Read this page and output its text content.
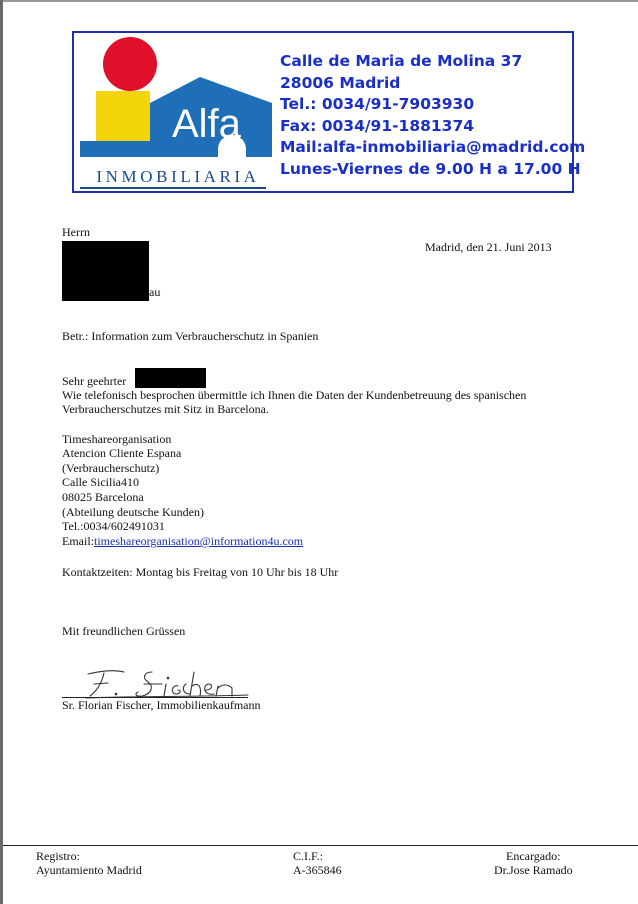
Alfa
INMOBILIARIA
Calle de Maria de Molina 37
28006 Madrid
Tel.: 0034/91-7903930
Fax: 0034/91-1881374
Mail:alfa-inmobiliaria@madrid.com
Lunes-Viernes de 9.00 H a 17.00 H
Herrn
Madrid, den 21. Juni 2013
au
Betr.: Information zum Verbraucherschutz in Spanien
Sehr geehrter
Wie telefonisch besprochen übermittle ich Ihnen die Daten der Kundenbetreuung des spanischen
Verbraucherschutzes mit Sitz in Barcelona.
Timeshareorganisation
Atencion Cliente Espana
(Verbraucherschutz)
Calle Sicilia410
08025 Barcelona
(Abteilung deutsche Kunden)
Tel.:0034/602491031
Email:timeshareorganisation@information4u.com
Kontaktzeiten: Montag bis Freitag von 10 Uhr bis 18 Uhr
Mit freundlichen Grüssen
Sr. Florian Fischer, Immobilienkaufmann
Registro:
Ayuntamiento Madrid
C.I.F.:
A-365846
Encargado:
Dr.Jose Ramado
